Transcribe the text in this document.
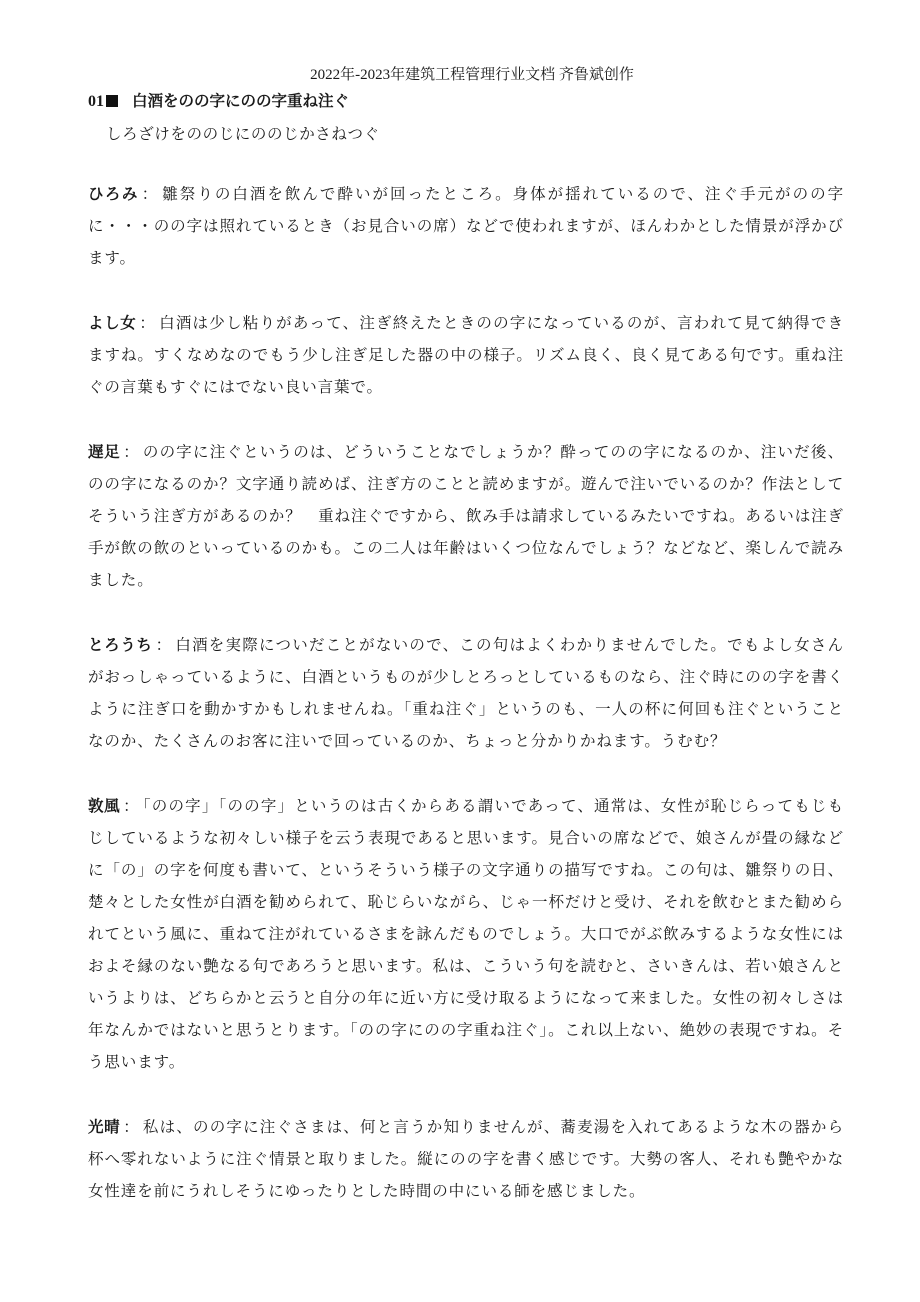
2022年-2023年建筑工程管理行业文档 齐鲁斌创作
01 白酒をのの字にのの字重ね注ぐ
しろざけをののじにののじかさねつぐ
ひろみ ： 雛祭りの白酒を飲んで酔いが回ったところ。身体が揺れているので、注ぐ手元がのの字に・・・のの字は照れているとき（お見合いの席）などで使われますが、ほんわかとした情景が浮かびます。
よし女 ： 白酒は少し粘りがあって、注ぎ終えたときのの字になっているのが、言われて見て納得できますね。すくなめなのでもう少し注ぎ足した器の中の様子。リズム良く、良く見てある句です。重ね注ぐの言葉もすぐにはでない良い言葉で。
遅足 ： のの字に注ぐというのは、どういうことなでしょうか？酔ってのの字になるのか、注いだ後、のの字になるのか？文字通り読めば、注ぎ方のことと読めますが。遊んで注いでいるのか？作法としてそういう注ぎ方があるのか？　重ね注ぐですから、飲み手は請求しているみたいですね。あるいは注ぎ手が飲の飲のといっているのかも。この二人は年齢はいくつ位なんでしょう？などなど、楽しんで読みました。
とろうち ： 白酒を実際についだことがないので、この句はよくわかりませんでした。でもよし女さんがおっしゃっているように、白酒というものが少しとろっとしているものなら、注ぐ時にのの字を書くように注ぎ口を動かすかもしれませんね。「重ね注ぐ」というのも、一人の杯に何回も注ぐということなのか、たくさんのお客に注いで回っているのか、ちょっと分かりかねます。うむむ？
敦風 ： 「のの字」「のの字」というのは古くからある謂いであって、通常は、女性が恥じらってもじもじしているような初々しい様子を云う表現であると思います。見合いの席などで、娘さんが畳の縁などに「の」の字を何度も書いて、というそういう様子の文字通りの描写ですね。この句は、雛祭りの日、楚々とした女性が白酒を勧められて、恥じらいながら、じゃ一杯だけと受け、それを飲むとまた勧められてという風に、重ねて注がれているさまを詠んだものでしょう。大口でがぶ飲みするような女性にはおよそ縁のない艶なる句であろうと思います。私は、こういう句を読むと、さいきんは、若い娘さんというよりは、どちらかと云うと自分の年に近い方に受け取るようになって来ました。女性の初々しさは年なんかではないと思うとります。「のの字にのの字重ね注ぐ」。これ以上ない、絶妙の表現ですね。そう思います。
光晴 ： 私は、のの字に注ぐさまは、何と言うか知りませんが、蕎麦湯を入れてあるような木の器から杯へ零れないように注ぐ情景と取りました。縦にのの字を書く感じです。大勢の客人、それも艶やかな女性達を前にうれしそうにゆったりとした時間の中にいる師を感じました。
